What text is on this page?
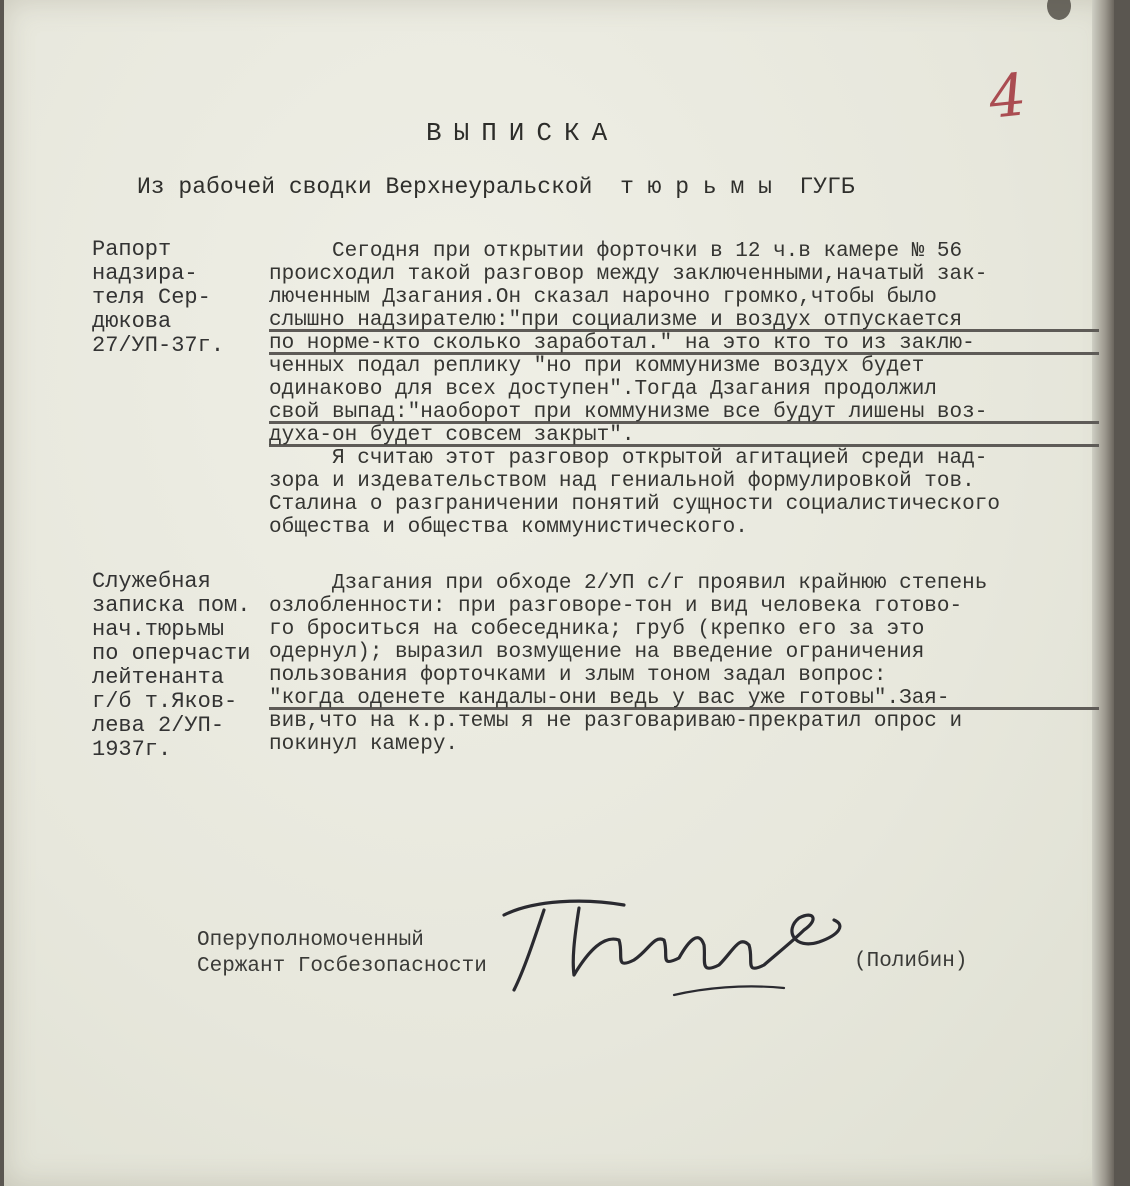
4
ВЫПИСКА
Из рабочей сводки Верхнеуральской  т ю р ь м ы  ГУГБ
Рапорт
надзира-
теля Сер-
дюкова
27/УП-37г.
Сегодня при открытии форточки в 12 ч.в камере № 56
происходил такой разговор между заключенными,начатый зак-
люченным Дзагания.Он сказал нарочно громко,чтобы было
слышно надзирателю:"при социализме и воздух отпускается
по норме-кто сколько заработал." на это кто то из заклю-
ченных подал реплику "но при коммунизме воздух будет
одинаково для всех доступен".Тогда Дзагания продолжил
свой выпад:"наоборот при коммунизме все будут лишены воз-
духа-он будет совсем закрыт".
Я считаю этот разговор открытой агитацией среди над-
зора и издевательством над гениальной формулировкой тов.
Сталина о разграничении понятий сущности социалистического
общества и общества коммунистического.
Служебная
записка пом.
нач.тюрьмы
по оперчасти
лейтенанта
г/б т.Яков-
лева 2/УП-
1937г.
Дзагания при обходе 2/УП с/г проявил крайнюю степень
озлобленности: при разговоре-тон и вид человека готово-
го броситься на собеседника; груб (крепко его за это
одернул); выразил возмущение на введение ограничения
пользования форточками и злым тоном задал вопрос:
"когда оденете кандалы-они ведь у вас уже готовы".Зая-
вив,что на к.р.темы я не разговариваю-прекратил опрос и
покинул камеру.
Оперуполномоченный
Сержант Госбезопасности	(Полибин)
